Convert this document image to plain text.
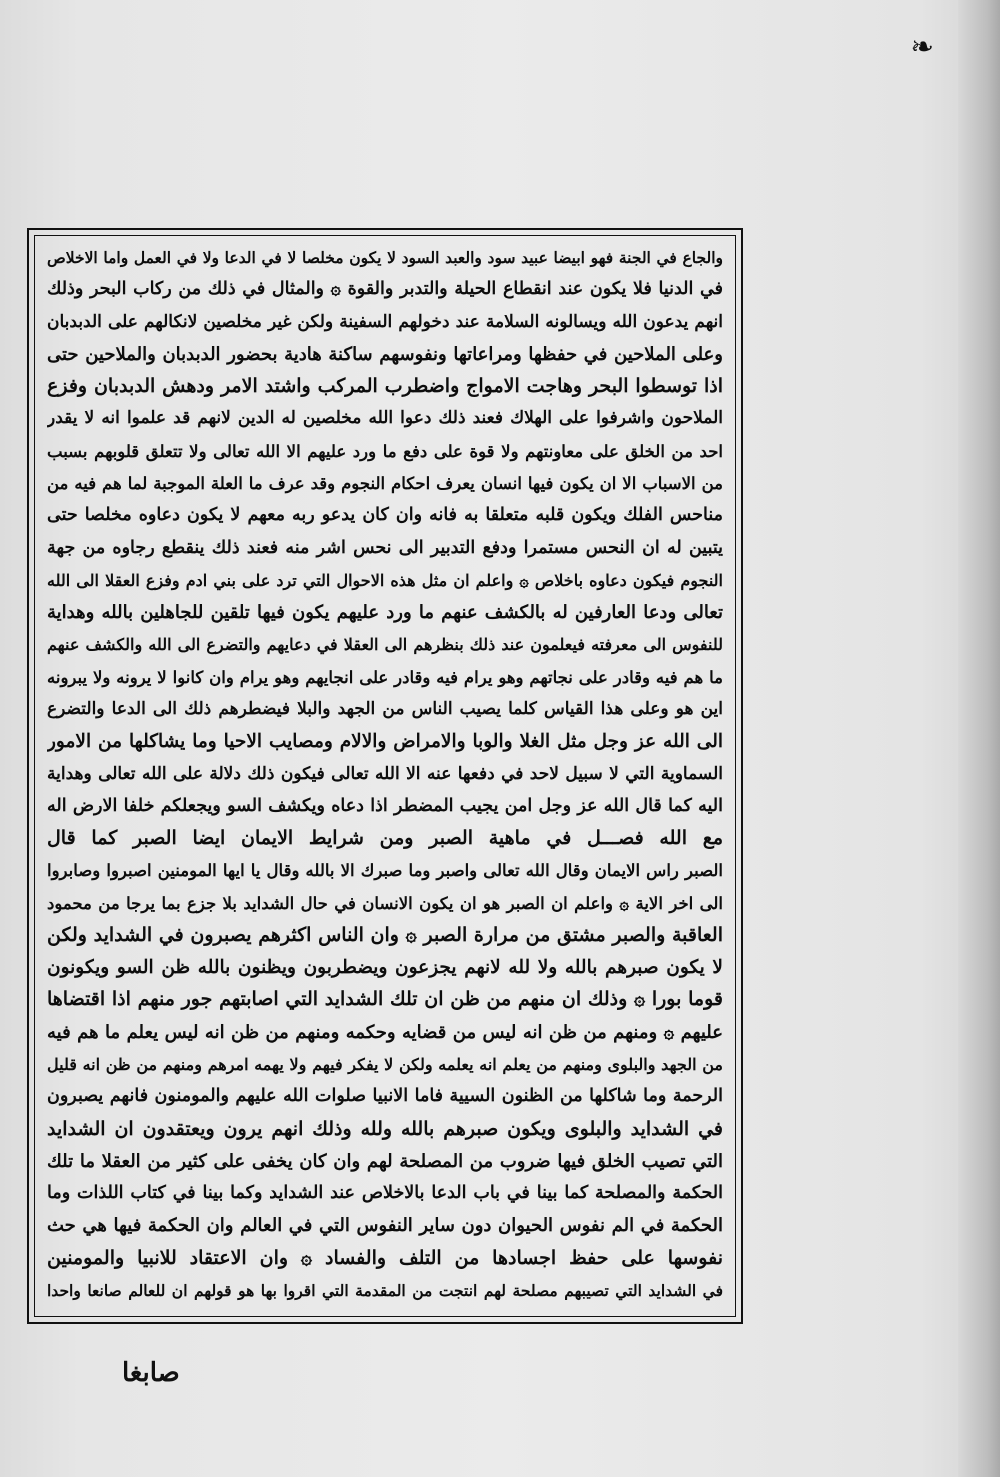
❧
والجاع في الجنة فهو ابيضا عبيد سود والعبد السود لا يكون مخلصا لا في الدعا ولا في العمل واما الاخلاص
في الدنيا فلا يكون عند انقطاع الحيلة والتدبر والقوة ۞ والمثال في ذلك من ركاب البحر وذلك
انهم يدعون الله ويسالونه السلامة عند دخولهم السفينة ولكن غير مخلصين لانكالهم على الدبدبان
وعلى الملاحين في حفظها ومراعاتها ونفوسهم ساكنة هادية بحضور الدبدبان والملاحين حتى
اذا توسطوا البحر وهاجت الامواج واضطرب المركب واشتد الامر ودهش الدبدبان وفزع
الملاحون واشرفوا على الهلاك فعند ذلك دعوا الله مخلصين له الدين لانهم قد علموا انه لا يقدر
احد من الخلق على معاونتهم ولا قوة على دفع ما ورد عليهم الا الله تعالى ولا تتعلق قلوبهم بسبب
من الاسباب الا ان يكون فيها انسان يعرف احكام النجوم وقد عرف ما العلة الموجبة لما هم فيه من
مناحس الفلك ويكون قلبه متعلقا به فانه وان كان يدعو ربه معهم لا يكون دعاوه مخلصا حتى
يتبين له ان النحس مستمرا ودفع التدبير الى نحس اشر منه فعند ذلك ينقطع رجاوه من جهة
النجوم فيكون دعاوه باخلاص ۞ واعلم ان مثل هذه الاحوال التي ترد على بني ادم وفزع العقلا الى الله
تعالى ودعا العارفين له بالكشف عنهم ما ورد عليهم يكون فيها تلقين للجاهلين بالله وهداية
للنفوس الى معرفته فيعلمون عند ذلك بنظرهم الى العقلا في دعايهم والتضرع الى الله والكشف عنهم
ما هم فيه وقادر على نجاتهم وهو يرام فيه وقادر على انجايهم وهو يرام وان كانوا لا يرونه ولا يبرونه
اين هو وعلى هذا القياس كلما يصيب الناس من الجهد والبلا فيضطرهم ذلك الى الدعا والتضرع
الى الله عز وجل مثل الغلا والوبا والامراض والالام ومصايب الاحيا وما يشاكلها من الامور
السماوية التي لا سبيل لاحد في دفعها عنه الا الله تعالى فيكون ذلك دلالة على الله تعالى وهداية
اليه كما قال الله عز وجل امن يجيب المضطر اذا دعاه ويكشف السو ويجعلكم خلفا الارض اله
مع الله فصـــل في ماهية الصبر ومن شرايط الايمان ايضا الصبر كما قال
الصبر راس الايمان وقال الله تعالى واصبر وما صبرك الا بالله وقال يا ايها المومنين اصبروا وصابروا
الى اخر الاية ۞ واعلم ان الصبر هو ان يكون الانسان في حال الشدايد بلا جزع بما يرجا من محمود
العاقبة والصبر مشتق من مرارة الصبر ۞ وان الناس اكثرهم يصبرون في الشدايد ولكن
لا يكون صبرهم بالله ولا لله لانهم يجزعون ويضطربون ويظنون بالله ظن السو ويكونون
قوما بورا ۞ وذلك ان منهم من ظن ان تلك الشدايد التي اصابتهم جور منهم اذا اقتضاها
عليهم ۞ ومنهم من ظن انه ليس من قضايه وحكمه ومنهم من ظن انه ليس يعلم ما هم فيه
من الجهد والبلوى ومنهم من يعلم انه يعلمه ولكن لا يفكر فيهم ولا يهمه امرهم ومنهم من ظن انه قليل
الرحمة وما شاكلها من الظنون السيية فاما الانبيا صلوات الله عليهم والمومنون فانهم يصبرون
في الشدايد والبلوى ويكون صبرهم بالله ولله وذلك انهم يرون ويعتقدون ان الشدايد
التي تصيب الخلق فيها ضروب من المصلحة لهم وان كان يخفى على كثير من العقلا ما تلك
الحكمة والمصلحة كما بينا في باب الدعا بالاخلاص عند الشدايد وكما بينا في كتاب اللذات وما
الحكمة في الم نفوس الحيوان دون ساير النفوس التي في العالم وان الحكمة فيها هي حث
نفوسها على حفظ اجسادها من التلف والفساد ۞ وان الاعتقاد للانبيا والمومنين
في الشدايد التي تصيبهم مصلحة لهم انتجت من المقدمة التي اقروا بها هو قولهم ان للعالم صانعا واحدا
صابغا
